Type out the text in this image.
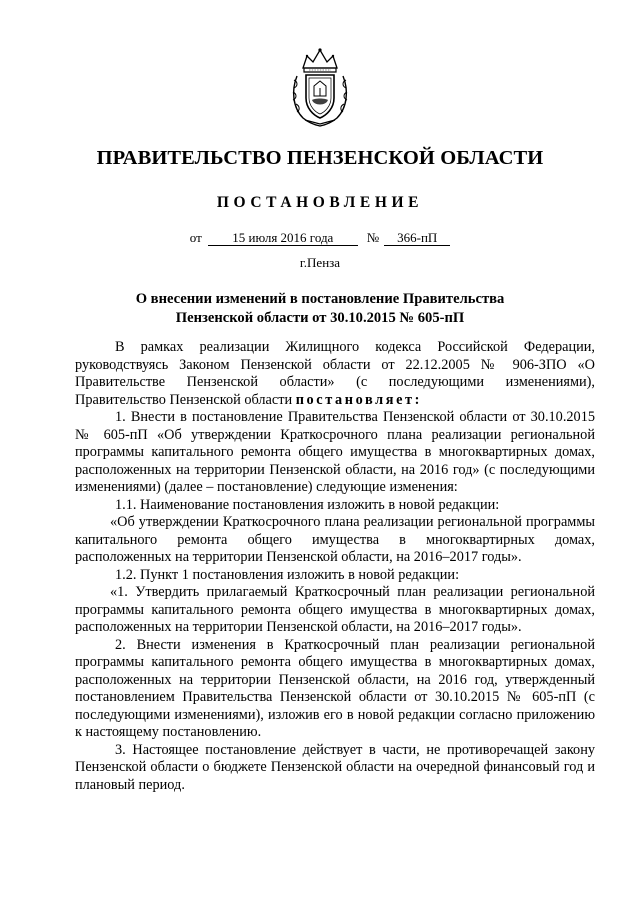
ПРАВИТЕЛЬСТВО ПЕНЗЕНСКОЙ ОБЛАСТИ
ПОСТАНОВЛЕНИЕ
от 15 июля 2016 года	№ 366-пП
г.Пенза
О внесении изменений в постановление Правительства
Пензенской области от 30.10.2015 № 605-пП

В рамках реализации Жилищного кодекса Российской Федерации, руководствуясь Законом Пензенской области от 22.12.2005 № 906-ЗПО «О Правительстве Пензенской области» (с последующими изменениями), Правительство Пензенской области постановляет:

1. Внести в постановление Правительства Пензенской области от 30.10.2015 № 605-пП «Об утверждении Краткосрочного плана реализации региональной программы капитального ремонта общего имущества в многоквартирных домах, расположенных на территории Пензенской области, на 2016 год» (с последующими изменениями) (далее – постановление) следующие изменения:

1.1. Наименование постановления изложить в новой редакции:

«Об утверждении Краткосрочного плана реализации региональной программы капитального ремонта общего имущества в многоквартирных домах, расположенных на территории Пензенской области, на 2016–2017 годы».

1.2. Пункт 1 постановления изложить в новой редакции:

«1. Утвердить прилагаемый Краткосрочный план реализации региональной программы капитального ремонта общего имущества в многоквартирных домах, расположенных на территории Пензенской области, на 2016–2017 годы».

2. Внести изменения в Краткосрочный план реализации региональной программы капитального ремонта общего имущества в многоквартирных домах, расположенных на территории Пензенской области, на 2016 год, утвержденный постановлением Правительства Пензенской области от 30.10.2015 № 605-пП (с последующими изменениями), изложив его в новой редакции согласно приложению к настоящему постановлению.

3. Настоящее постановление действует в части, не противоречащей закону Пензенской области о бюджете Пензенской области на очередной финансовый год и плановый период.
